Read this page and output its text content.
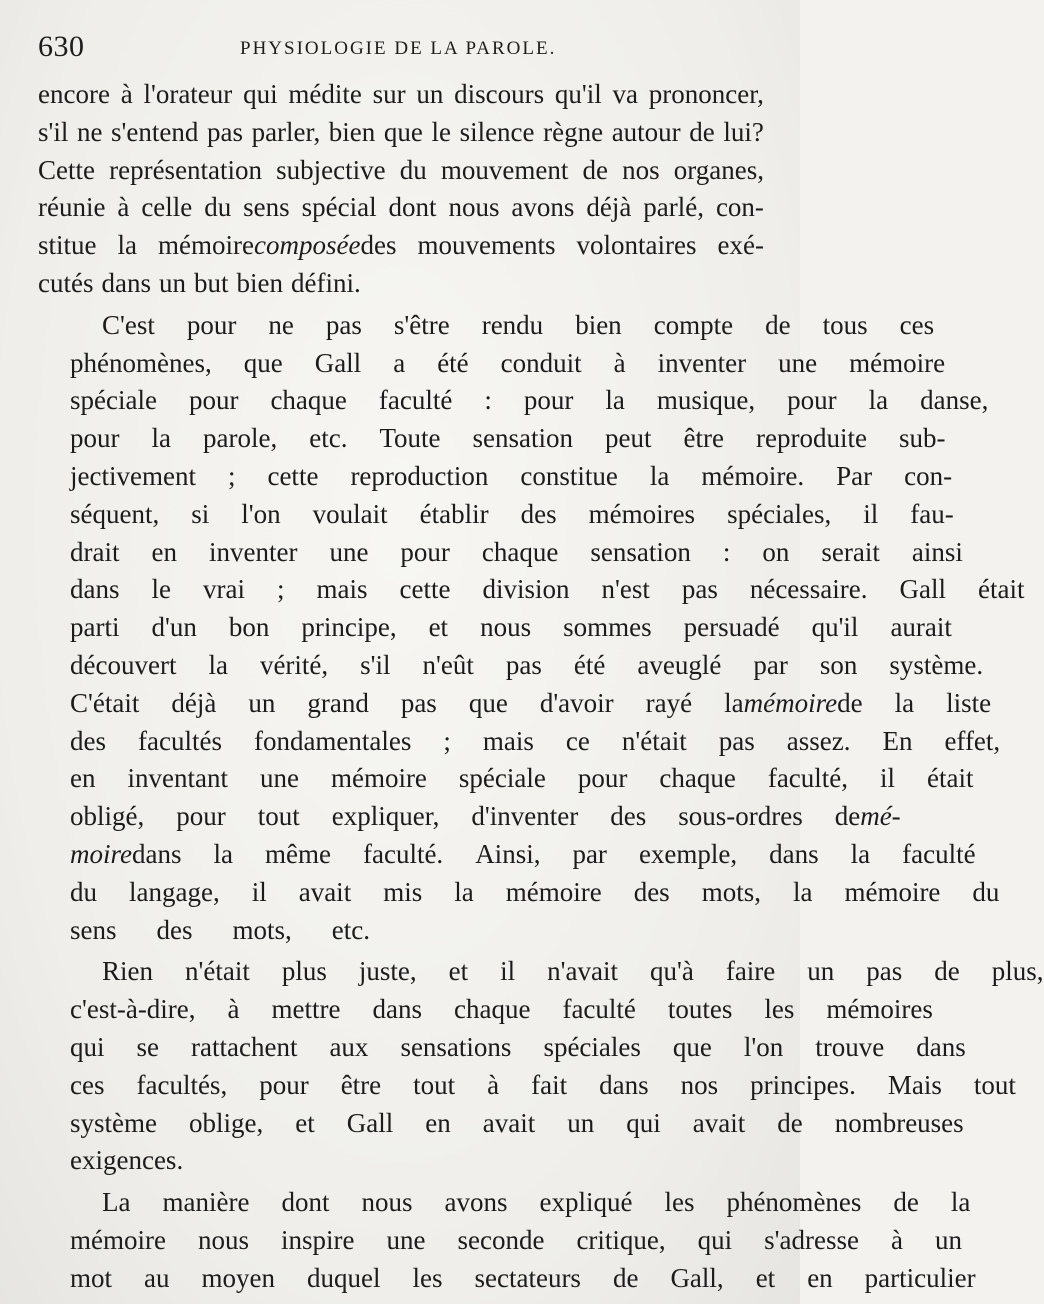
630	PHYSIOLOGIE DE LA PAROLE.
encore à l'orateur qui médite sur un discours qu'il va prononcer,
s'il ne s'entend pas parler, bien que le silence règne autour de lui?
Cette représentation subjective du mouvement de nos organes,
réunie à celle du sens spécial dont nous avons déjà parlé, con-
stitue la mémoirecomposéedes mouvements volontaires exé-
cutés dans un but bien défini.
C'est	pour	ne	pas	s'être	rendu	bien	compte	de	tous	ces
phénomènes,	que	Gall	a	été	conduit	à	inventer	une	mémoire
spéciale	pour	chaque	faculté	:	pour	la	musique,	pour	la	danse,
pour	la	parole,	etc.	Toute	sensation	peut	être	reproduite	sub-
jectivement	;	cette	reproduction	constitue	la	mémoire.	Par	con-
séquent,	si	l'on	voulait	établir	des	mémoires	spéciales,	il	fau-
drait	en	inventer	une	pour	chaque	sensation	:	on	serait	ainsi
dans	le	vrai	;	mais	cette	division	n'est	pas	nécessaire.	Gall	était
parti	d'un	bon	principe,	et	nous	sommes	persuadé	qu'il	aurait
découvert	la	vérité,	s'il	n'eût	pas	été	aveuglé	par	son	système.
C'était	déjà	un	grand	pas	que	d'avoir	rayé	lamémoirede	la	liste
des	facultés	fondamentales	;	mais	ce	n'était	pas	assez.	En	effet,
en	inventant	une	mémoire	spéciale	pour	chaque	faculté,	il	était
obligé,	pour	tout	expliquer,	d'inventer	des	sous-ordres	demé-
moiredans	la	même	faculté.	Ainsi,	par	exemple,	dans	la	faculté
du	langage,	il	avait	mis	la	mémoire	des	mots,	la	mémoire	du
sens	des	mots,	etc.
Rien	n'était	plus	juste,	et	il	n'avait	qu'à	faire	un	pas	de	plus,
c'est-à-dire,	à	mettre	dans	chaque	faculté	toutes	les	mémoires
qui	se	rattachent	aux	sensations	spéciales	que	l'on	trouve	dans
ces	facultés,	pour	être	tout	à	fait	dans	nos	principes.	Mais	tout
système	oblige,	et	Gall	en	avait	un	qui	avait	de	nombreuses
exigences.
La	manière	dont	nous	avons	expliqué	les	phénomènes	de	la
mémoire	nous	inspire	une	seconde	critique,	qui	s'adresse	à	un
mot	au	moyen	duquel	les	sectateurs	de	Gall,	et	en	particulier
